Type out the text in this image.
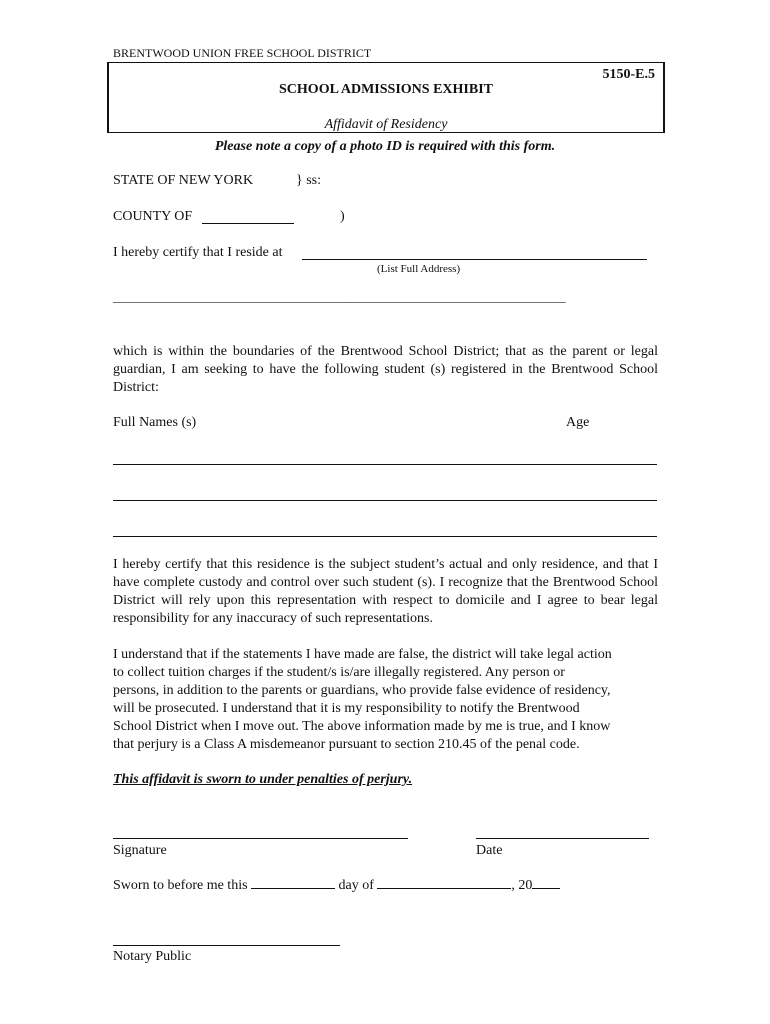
BRENTWOOD UNION FREE SCHOOL DISTRICT
5150-E.5
SCHOOL ADMISSIONS EXHIBIT
Affidavit of Residency
Please note a copy of a photo ID is required with this form.
STATE OF NEW YORK	} ss:
COUNTY OF	)
I hereby certify that I reside at
(List Full Address)
______________________________________________________________________________
which is within the boundaries of the Brentwood School District; that as the parent or legal guardian, I am seeking to have the following student (s) registered in the Brentwood School District:
Full Names (s)	Age
I hereby certify that this residence is the subject student’s actual and only residence, and that I have complete custody and control over such student (s). I recognize that the Brentwood School District will rely upon this representation with respect to domicile and I agree to bear legal responsibility for any inaccuracy of such representations.
I understand that if the statements I have made are false, the district will take legal action
to collect tuition charges if the student/s is/are illegally registered. Any person or
persons, in addition to the parents or guardians, who provide false evidence of residency,
will be prosecuted. I understand that it is my responsibility to notify the Brentwood
School District when I move out. The above information made by me is true, and I know
that perjury is a Class A misdemeanor pursuant to section 210.45 of the penal code.
This affidavit is sworn to under penalties of perjury.
Signature	Date
Sworn to before me this	day of	, 20
Notary Public
